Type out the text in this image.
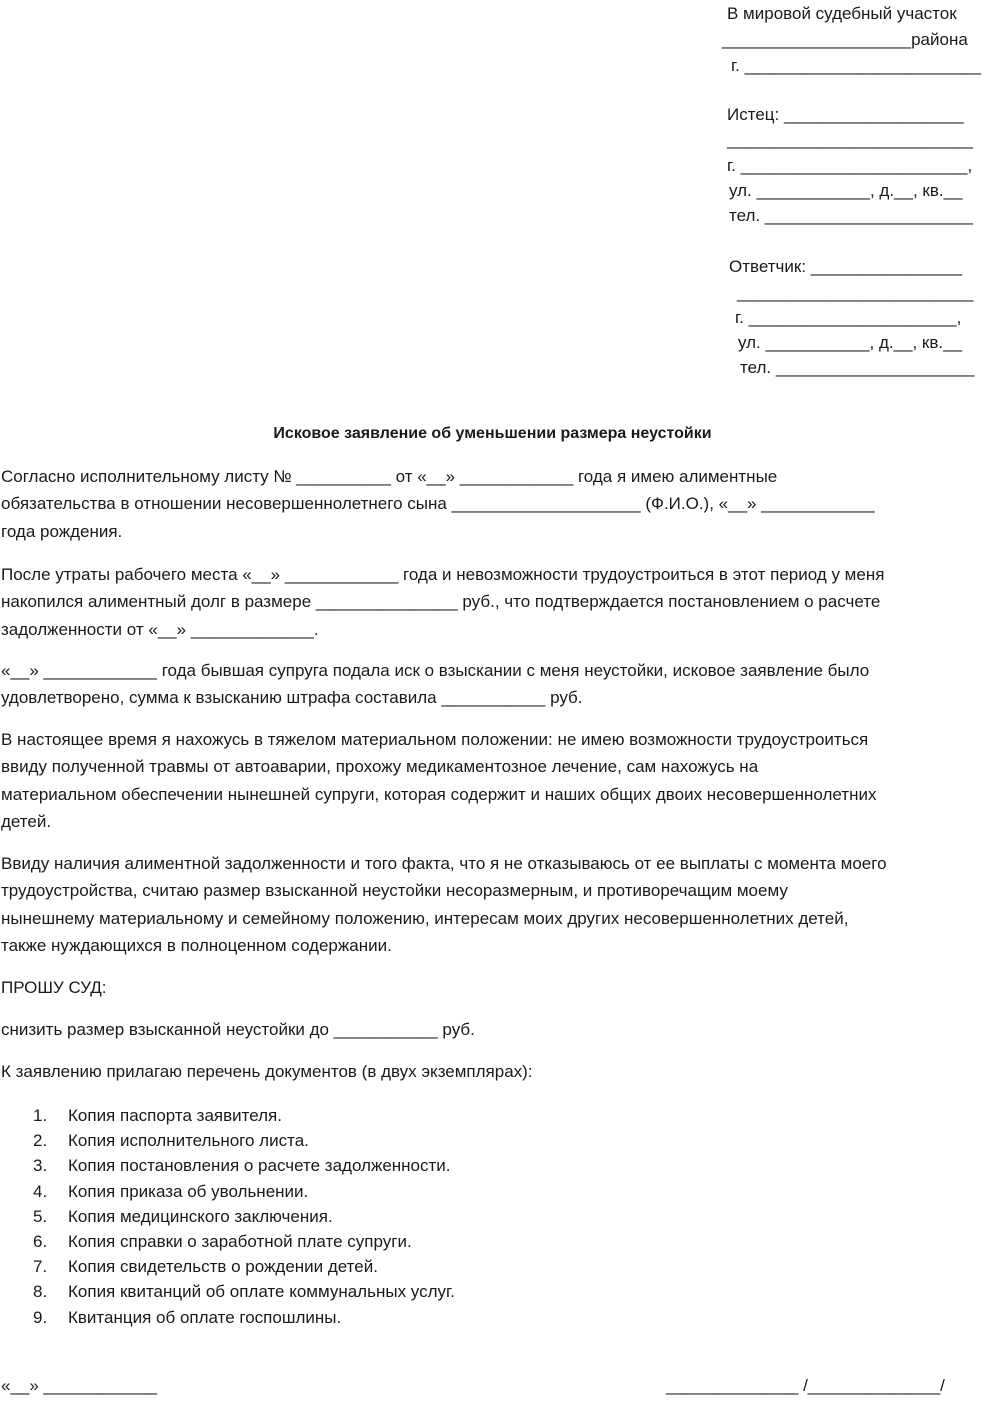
В мировой судебный участок
____________________района
г. _________________________
Истец: ___________________
__________________________
г. ________________________,
ул. ____________, д.__, кв.__
тел. ______________________
Ответчик: ________________
_________________________
г. ______________________,
ул. ___________, д.__, кв.__
тел. _____________________
Исковое заявление об уменьшении размера неустойки
Согласно исполнительному листу № __________ от «__» ____________ года я имею алиментные
обязательства в отношении несовершеннолетнего сына ____________________ (Ф.И.О.), «__» ____________
года рождения.
После утраты рабочего места «__» ____________ года и невозможности трудоустроиться в этот период у меня
накопился алиментный долг в размере _______________ руб., что подтверждается постановлением о расчете
задолженности от «__» _____________.
«__» ____________ года бывшая супруга подала иск о взыскании с меня неустойки, исковое заявление было
удовлетворено, сумма к взысканию штрафа составила ___________ руб.
В настоящее время я нахожусь в тяжелом материальном положении: не имею возможности трудоустроиться
ввиду полученной травмы от автоаварии, прохожу медикаментозное лечение, сам нахожусь на
материальном обеспечении нынешней супруги, которая содержит и наших общих двоих несовершеннолетних
детей.
Ввиду наличия алиментной задолженности и того факта, что я не отказываюсь от ее выплаты с момента моего
трудоустройства, считаю размер взысканной неустойки несоразмерным, и противоречащим моему
нынешнему материальному и семейному положению, интересам моих других несовершеннолетних детей,
также нуждающихся в полноценном содержании.
ПРОШУ СУД:
снизить размер взысканной неустойки до ___________ руб.
К заявлению прилагаю перечень документов (в двух экземплярах):
1.	Копия паспорта заявителя.
2.	Копия исполнительного листа.
3.	Копия постановления о расчете задолженности.
4.	Копия приказа об увольнении.
5.	Копия медицинского заключения.
6.	Копия справки о заработной плате супруги.
7.	Копия свидетельств о рождении детей.
8.	Копия квитанций об оплате коммунальных услуг.
9.	Квитанция об оплате госпошлины.
«__» ____________	______________ /______________/
